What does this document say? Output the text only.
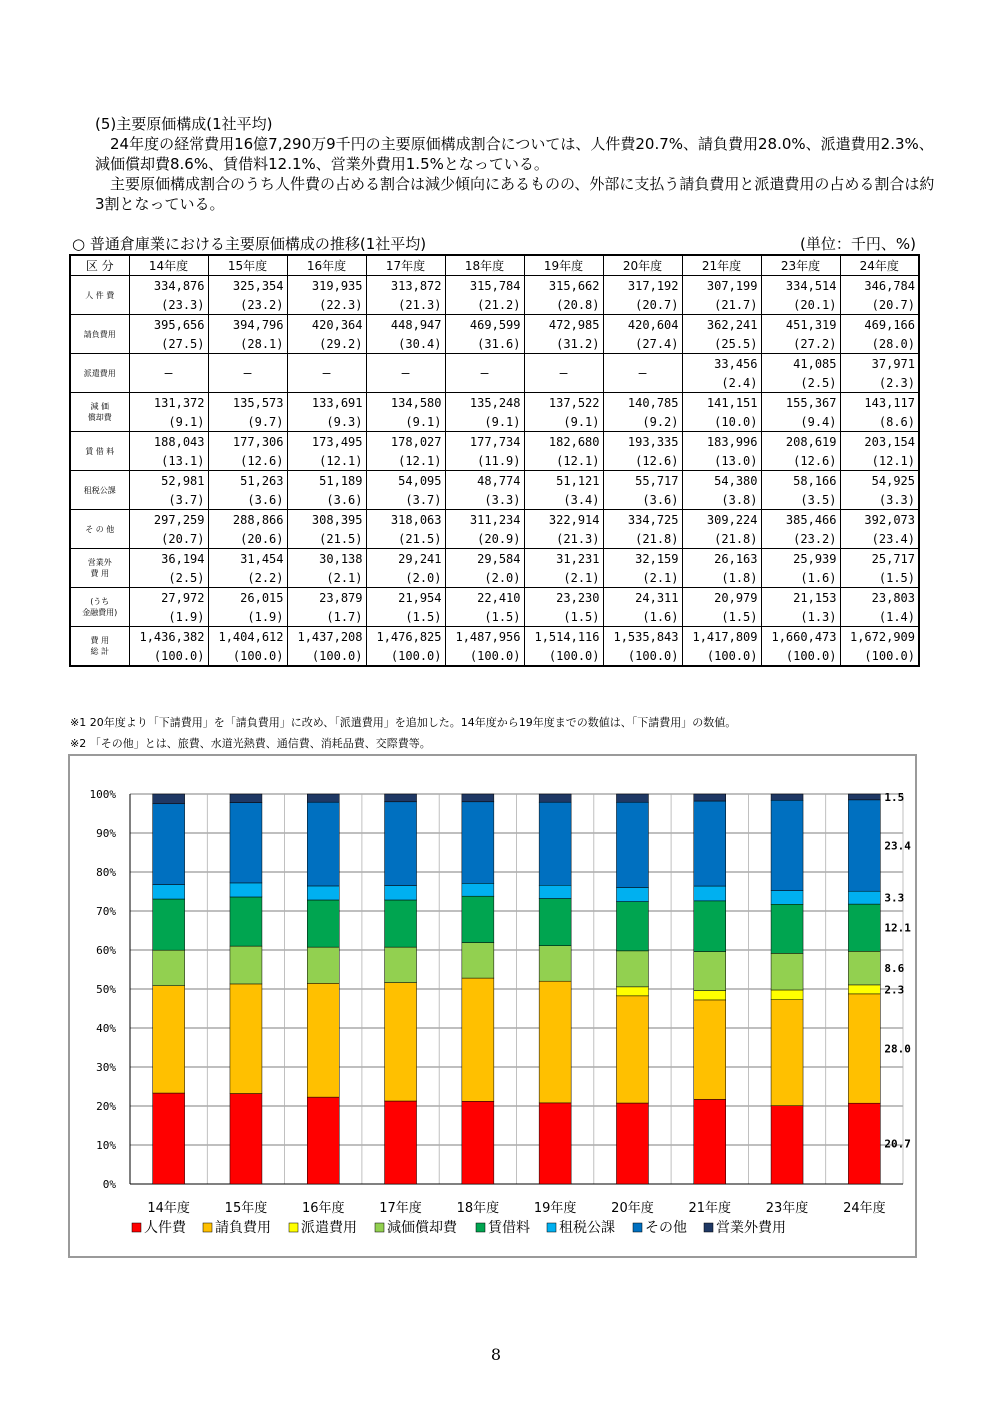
(5)主要原価構成(1社平均)

24年度の経常費用16億7,290万9千円の主要原価構成割合については、人件費20.7%、請負費用28.0%、派遣費用2.3%、減価償却費8.6%、賃借料12.1%、営業外費用1.5%となっている。

主要原価構成割合のうち人件費の占める割合は減少傾向にあるものの、外部に支払う請負費用と派遣費用の占める割合は約3割となっている。

○ 普通倉庫業における主要原価構成の推移(1社平均)	(単位：千円、%)
区 分	14年度	15年度	16年度	17年度	18年度	19年度	20年度	21年度	23年度	24年度
人 件 費	334,876	325,354	319,935	313,872	315,784	315,662	317,192	307,199	334,514	346,784
	(23.3)	(23.2)	(22.3)	(21.3)	(21.2)	(20.8)	(20.7)	(21.7)	(20.1)	(20.7)
請負費用	395,656	394,796	420,364	448,947	469,599	472,985	420,604	362,241	451,319	469,166
	(27.5)	(28.1)	(29.2)	(30.4)	(31.6)	(31.2)	(27.4)	(25.5)	(27.2)	(28.0)
派遣費用	—	—	—	—	—	—	—	33,456	41,085	37,971
								(2.4)	(2.5)	(2.3)
減 価
償却費	131,372	135,573	133,691	134,580	135,248	137,522	140,785	141,151	155,367	143,117
	(9.1)	(9.7)	(9.3)	(9.1)	(9.1)	(9.1)	(9.2)	(10.0)	(9.4)	(8.6)
賃 借 料	188,043	177,306	173,495	178,027	177,734	182,680	193,335	183,996	208,619	203,154
	(13.1)	(12.6)	(12.1)	(12.1)	(11.9)	(12.1)	(12.6)	(13.0)	(12.6)	(12.1)
租税公課	52,981	51,263	51,189	54,095	48,774	51,121	55,717	54,380	58,166	54,925
	(3.7)	(3.6)	(3.6)	(3.7)	(3.3)	(3.4)	(3.6)	(3.8)	(3.5)	(3.3)
そ の 他	297,259	288,866	308,395	318,063	311,234	322,914	334,725	309,224	385,466	392,073
	(20.7)	(20.6)	(21.5)	(21.5)	(20.9)	(21.3)	(21.8)	(21.8)	(23.2)	(23.4)
営業外
費 用	36,194	31,454	30,138	29,241	29,584	31,231	32,159	26,163	25,939	25,717
	(2.5)	(2.2)	(2.1)	(2.0)	(2.0)	(2.1)	(2.1)	(1.8)	(1.6)	(1.5)
(うち
金融費用)	27,972	26,015	23,879	21,954	22,410	23,230	24,311	20,979	21,153	23,803
	(1.9)	(1.9)	(1.7)	(1.5)	(1.5)	(1.5)	(1.6)	(1.5)	(1.3)	(1.4)
費 用
総 計	1,436,382	1,404,612	1,437,208	1,476,825	1,487,956	1,514,116	1,535,843	1,417,809	1,660,473	1,672,909
	(100.0)	(100.0)	(100.0)	(100.0)	(100.0)	(100.0)	(100.0)	(100.0)	(100.0)	(100.0)
※1 20年度より「下請費用」を「請負費用」に改め、「派遣費用」を追加した。14年度から19年度までの数値は、「下請費用」の数値。
※2 「その他」とは、旅費、水道光熱費、通信費、消耗品費、交際費等。
0%
10%
20%
30%
40%
50%
60%
70%
80%
90%
100%
14年度	15年度	16年度	17年度	18年度	19年度	20年度	21年度	23年度	24年度
1.5
23.4
3.3
12.1
8.6
2.3
28.0
20.7
人件費 請負費用 派遣費用 減価償却費 賃借料 租税公課 その他 営業外費用
8
